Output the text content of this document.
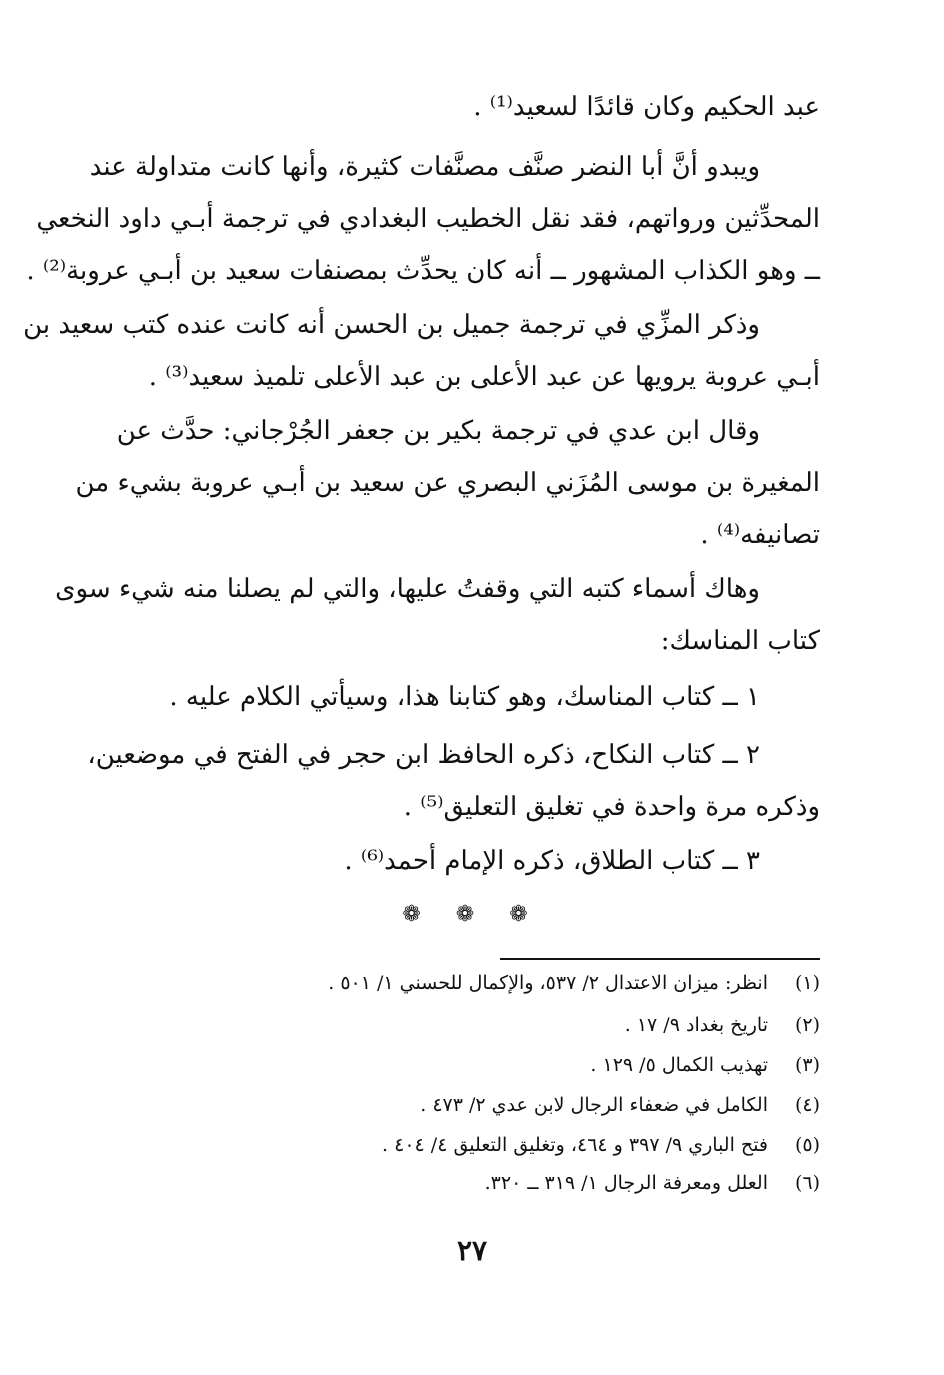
عبد الحكيم وكان قائدًا لسعيد⁽¹⁾ .
ويبدو أنَّ أبا النضر صنَّف مصنَّفات كثيرة، وأنها كانت متداولة عند
المحدِّثين ورواتهم، فقد نقل الخطيب البغدادي في ترجمة أبـي داود النخعي
ــ وهو الكذاب المشهور ــ أنه كان يحدِّث بمصنفات سعيد بن أبـي عروبة⁽²⁾ .
وذكر المزِّي في ترجمة جميل بن الحسن أنه كانت عنده كتب سعيد بن
أبـي عروبة يرويها عن عبد الأعلى بن عبد الأعلى تلميذ سعيد⁽³⁾ .
وقال ابن عدي في ترجمة بكير بن جعفر الجُرْجاني: حدَّث عن
المغيرة بن موسى المُزَني البصري عن سعيد بن أبـي عروبة بشيء من
تصانيفه⁽⁴⁾ .
وهاك أسماء كتبه التي وقفتُ عليها، والتي لم يصلنا منه شيء سوى
كتاب المناسك:
١ ــ كتاب المناسك، وهو كتابنا هذا، وسيأتي الكلام عليه .
٢ ــ كتاب النكاح، ذكره الحافظ ابن حجر في الفتح في موضعين،
وذكره مرة واحدة في تغليق التعليق⁽⁵⁾ .
٣ ــ كتاب الطلاق، ذكره الإمام أحمد⁽⁶⁾ .
❁ ❁ ❁
(١)انظر: ميزان الاعتدال ٢/ ٥٣٧، والإكمال للحسني ١/ ٥٠١ .
(٢)تاريخ بغداد ٩/ ١٧ .
(٣)تهذيب الكمال ٥/ ١٢٩ .
(٤)الكامل في ضعفاء الرجال لابن عدي ٢/ ٤٧٣ .
(٥)فتح الباري ٩/ ٣٩٧ و ٤٦٤، وتغليق التعليق ٤/ ٤٠٤ .
(٦)العلل ومعرفة الرجال ١/ ٣١٩ ــ ٣٢٠.
٢٧
